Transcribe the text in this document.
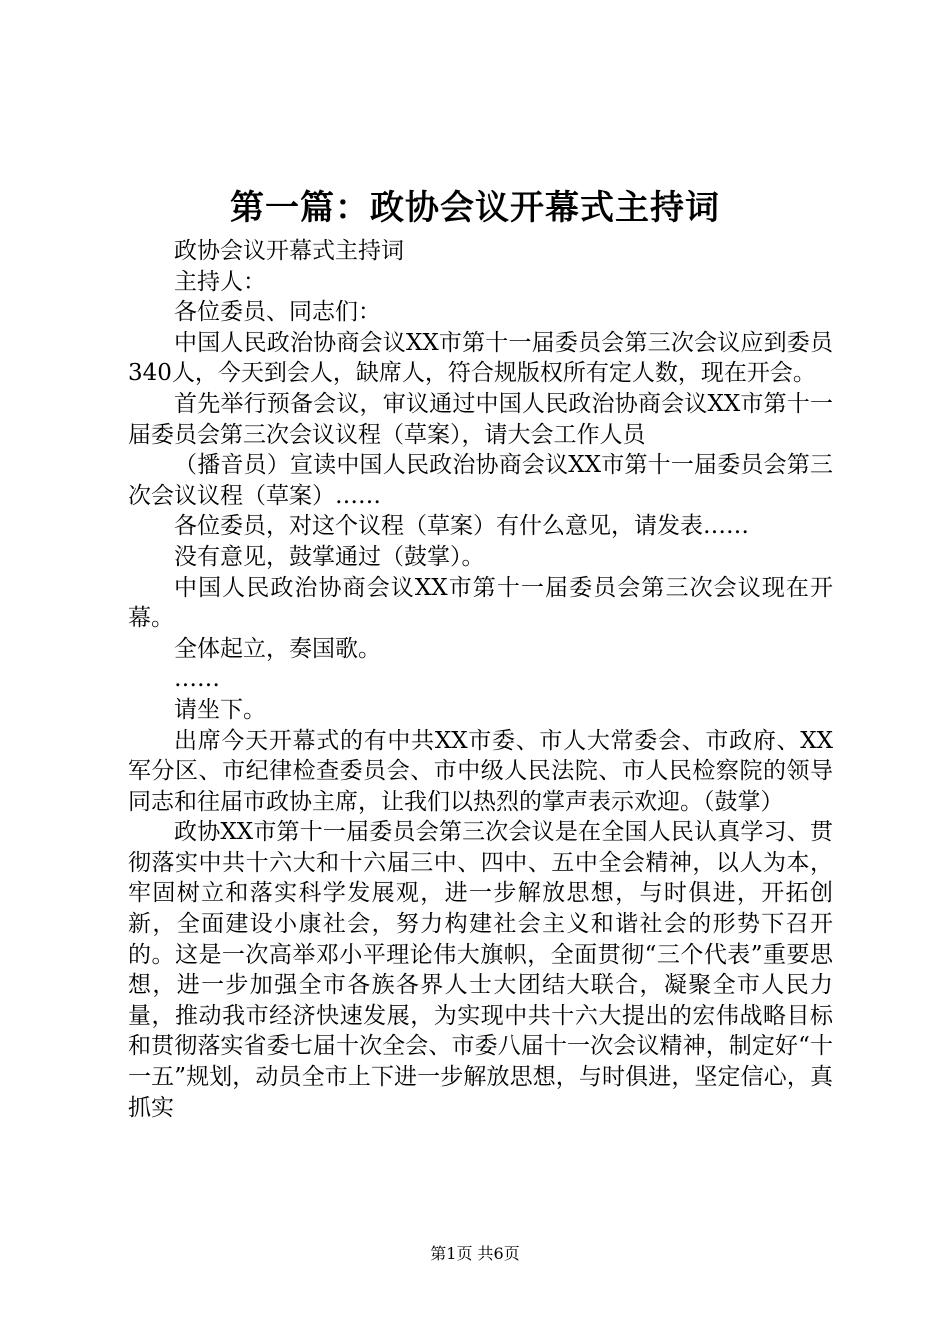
第一篇：政协会议开幕式主持词

政协会议开幕式主持词

主持人：

各位委员、同志们：

中国人民政治协商会议XX市第十一届委员会第三次会议应到委员340人，今天到会人，缺席人，符合规版权所有定人数，现在开会。

首先举行预备会议，审议通过中国人民政治协商会议XX市第十一届委员会第三次会议议程（草案），请大会工作人员

（播音员）宣读中国人民政治协商会议XX市第十一届委员会第三次会议议程（草案）……

各位委员，对这个议程（草案）有什么意见，请发表……

没有意见，鼓掌通过（鼓掌）。

中国人民政治协商会议XX市第十一届委员会第三次会议现在开幕。

全体起立，奏国歌。

……

请坐下。

出席今天开幕式的有中共XX市委、市人大常委会、市政府、XX军分区、市纪律检查委员会、市中级人民法院、市人民检察院的领导同志和往届市政协主席，让我们以热烈的掌声表示欢迎。（鼓掌）

政协XX市第十一届委员会第三次会议是在全国人民认真学习、贯彻落实中共十六大和十六届三中、四中、五中全会精神，以人为本，牢固树立和落实科学发展观，进一步解放思想，与时俱进，开拓创新，全面建设小康社会，努力构建社会主义和谐社会的形势下召开的。这是一次高举邓小平理论伟大旗帜，全面贯彻“三个代表”重要思想，进一步加强全市各族各界人士大团结大联合，凝聚全市人民力量，推动我市经济快速发展，为实现中共十六大提出的宏伟战略目标和贯彻落实省委七届十次全会、市委八届十一次会议精神，制定好“十一五”规划，动员全市上下进一步解放思想，与时俱进，坚定信心，真抓实

第1页 共6页
